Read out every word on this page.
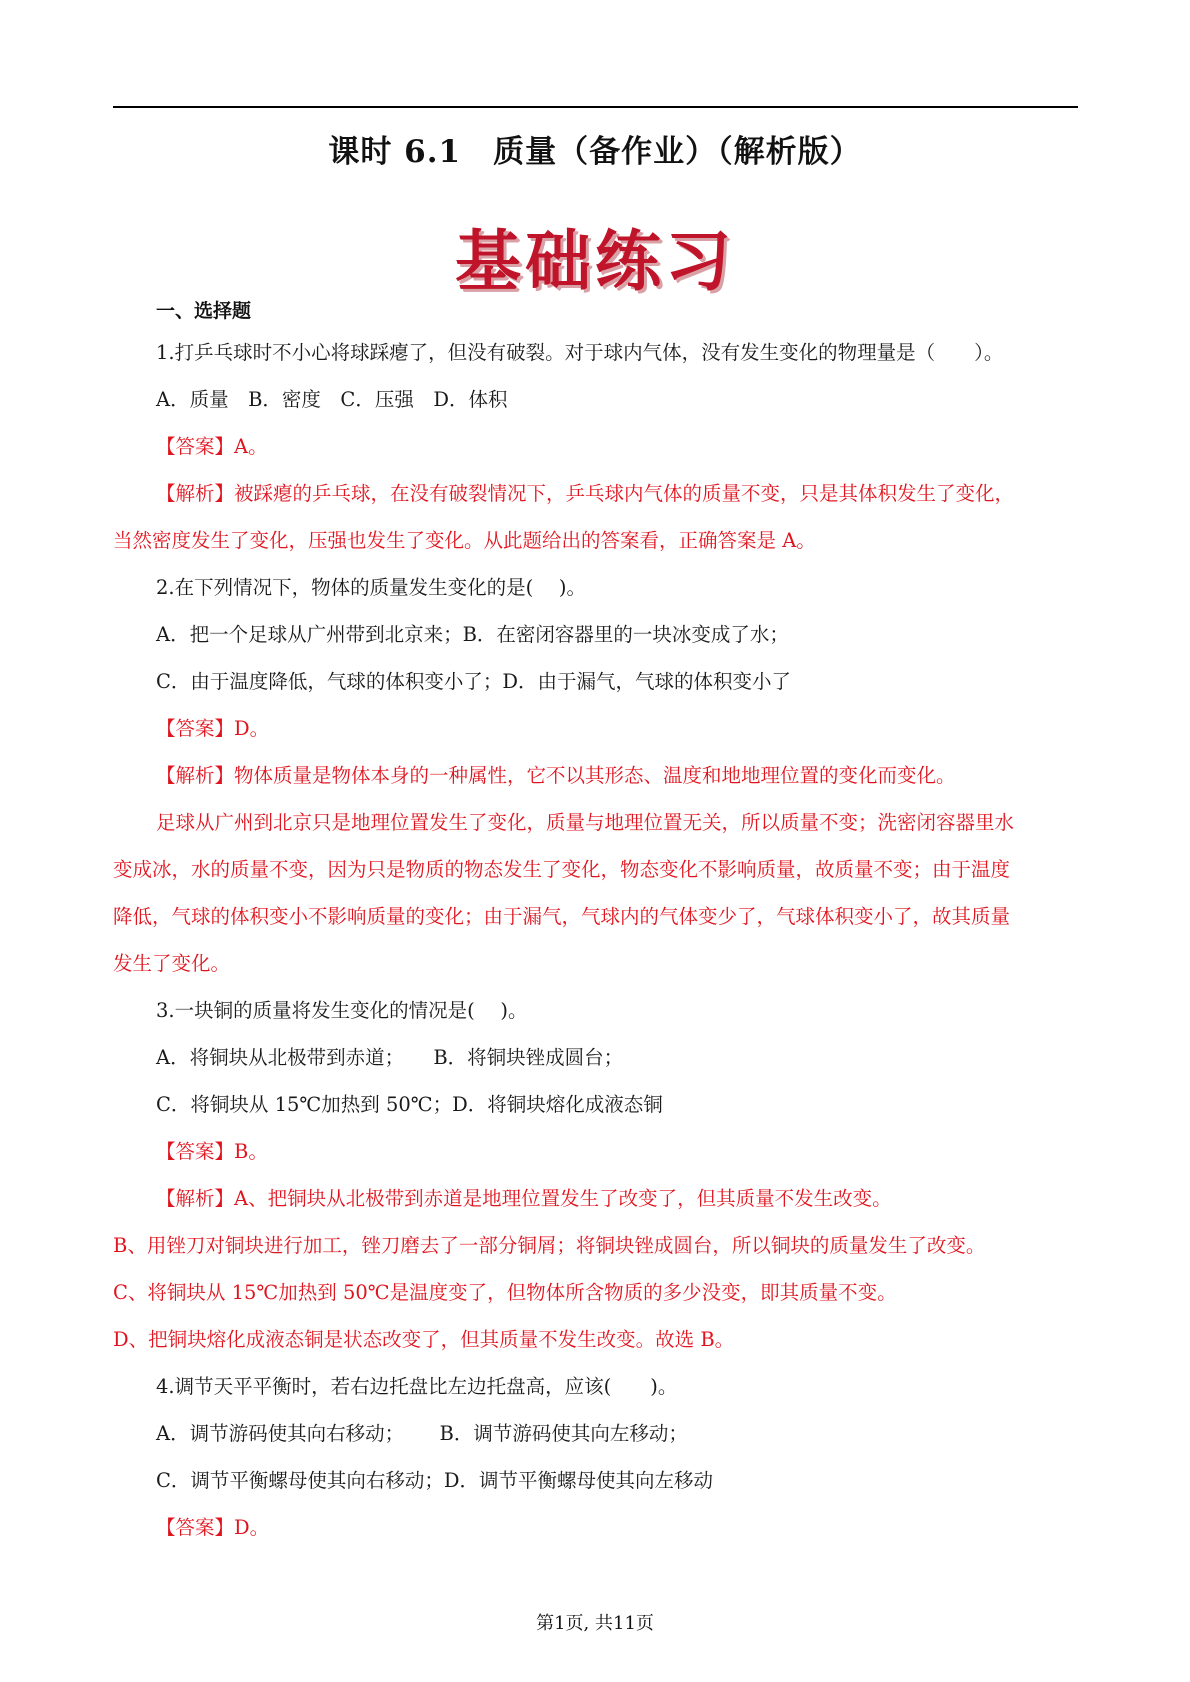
课时 6.1　质量（备作业）（解析版）
基础练习
一、选择题
1.打乒乓球时不小心将球踩瘪了，但没有破裂。对于球内气体，没有发生变化的物理量是（　　）。
A．质量　B．密度　C．压强　D．体积
【答案】A。
【解析】被踩瘪的乒乓球，在没有破裂情况下，乒乓球内气体的质量不变，只是其体积发生了变化，
当然密度发生了变化，压强也发生了变化。从此题给出的答案看，正确答案是 A。
2.在下列情况下，物体的质量发生变化的是(　 )。
A．把一个足球从广州带到北京来；B．在密闭容器里的一块冰变成了水；
C．由于温度降低，气球的体积变小了；D．由于漏气，气球的体积变小了
【答案】D。
【解析】物体质量是物体本身的一种属性，它不以其形态、温度和地地理位置的变化而变化。
足球从广州到北京只是地理位置发生了变化，质量与地理位置无关，所以质量不变；洗密闭容器里水
变成冰，水的质量不变，因为只是物质的物态发生了变化，物态变化不影响质量，故质量不变；由于温度
降低，气球的体积变小不影响质量的变化；由于漏气，气球内的气体变少了，气球体积变小了，故其质量
发生了变化。
3.一块铜的质量将发生变化的情况是(　 )。
A．将铜块从北极带到赤道；　　B．将铜块锉成圆台；
C．将铜块从 15℃加热到 50℃；D．将铜块熔化成液态铜
【答案】B。
【解析】A、把铜块从北极带到赤道是地理位置发生了改变了，但其质量不发生改变。
B、用锉刀对铜块进行加工，锉刀磨去了一部分铜屑；将铜块锉成圆台，所以铜块的质量发生了改变。
C、将铜块从 15℃加热到 50℃是温度变了，但物体所含物质的多少没变，即其质量不变。
D、把铜块熔化成液态铜是状态改变了，但其质量不发生改变。故选 B。
4.调节天平平衡时，若右边托盘比左边托盘高，应该(　　)。
A．调节游码使其向右移动；　　 B．调节游码使其向左移动；
C．调节平衡螺母使其向右移动；D．调节平衡螺母使其向左移动
【答案】D。
第1页, 共11页
